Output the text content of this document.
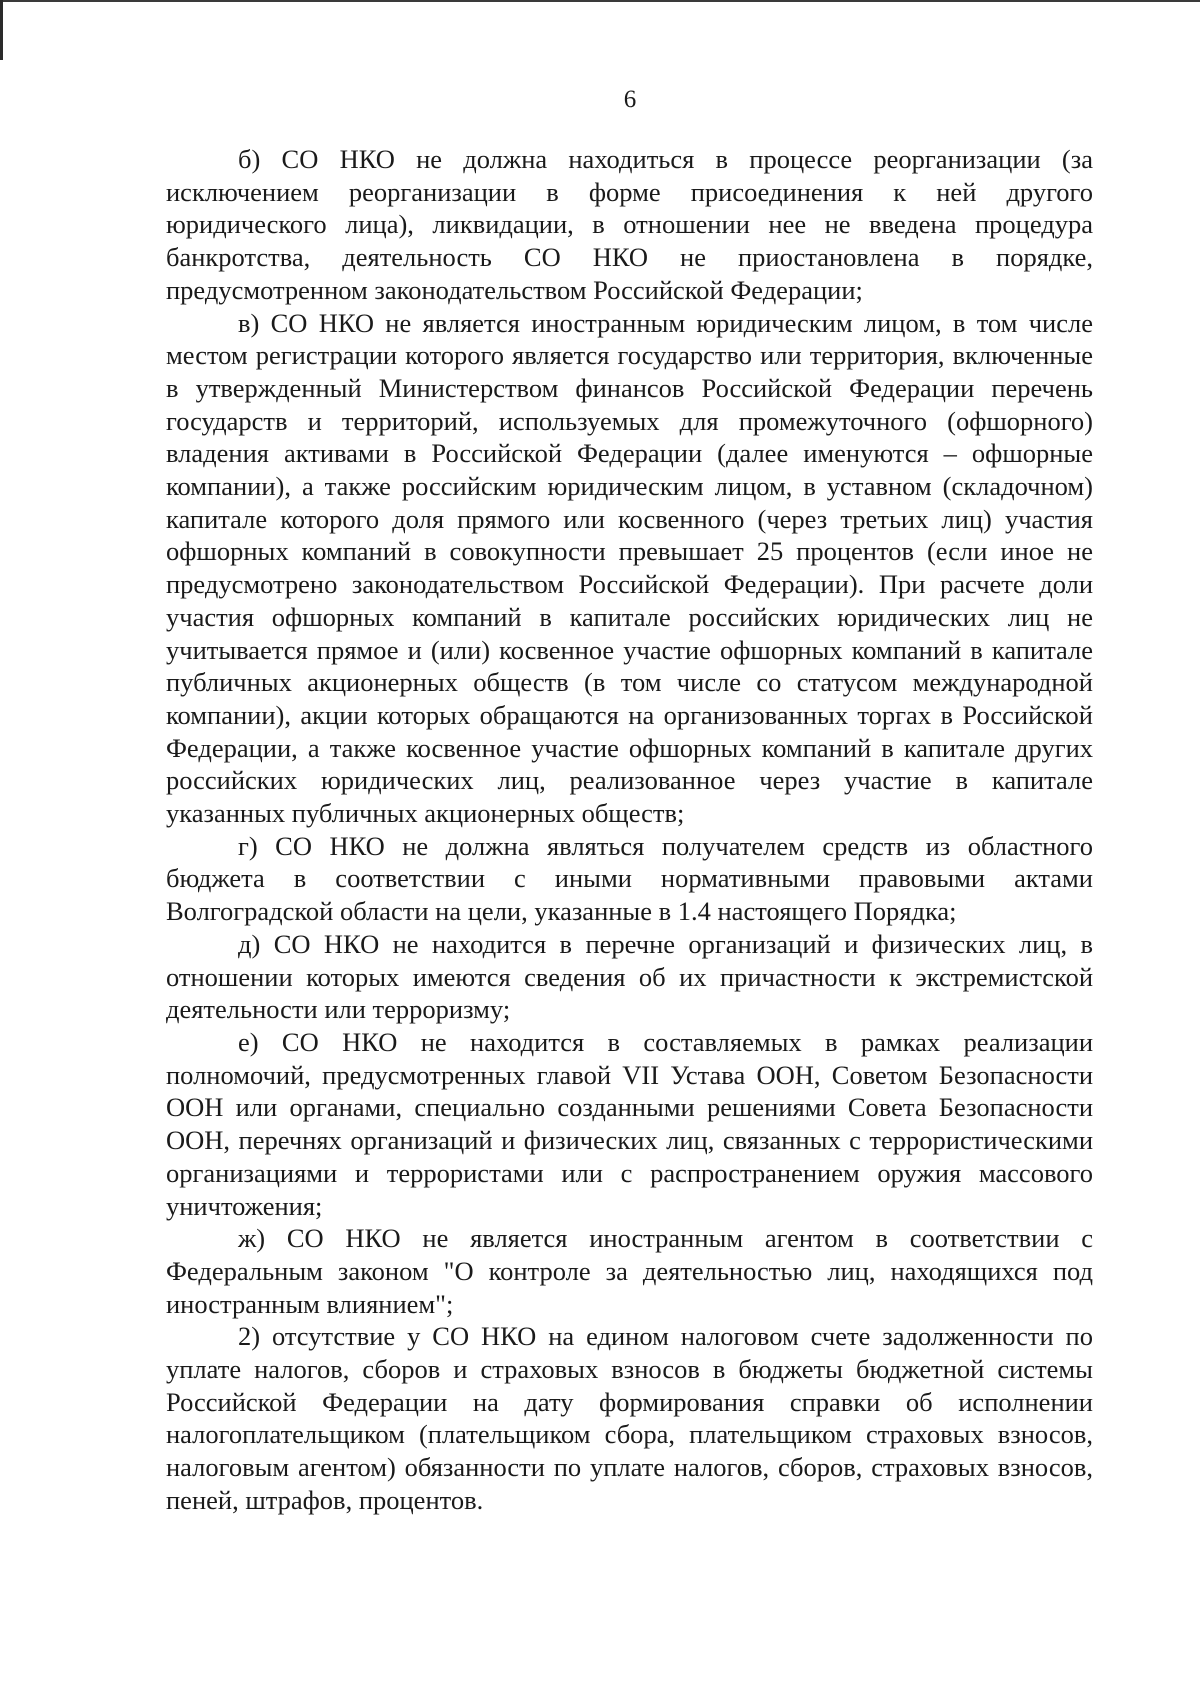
6

б) СО НКО не должна находиться в процессе реорганизации (за исключением реорганизации в форме присоединения к ней другого юридического лица), ликвидации, в отношении нее не введена процедура банкротства, деятельность СО НКО не приостановлена в порядке, предусмотренном законодательством Российской Федерации;

в) СО НКО не является иностранным юридическим лицом, в том числе местом регистрации которого является государство или территория, включенные в утвержденный Министерством финансов Российской Федерации перечень государств и территорий, используемых для промежуточного (офшорного) владения активами в Российской Федерации (далее именуются – офшорные компании), а также российским юридическим лицом, в уставном (складочном) капитале которого доля прямого или косвенного (через третьих лиц) участия офшорных компаний в совокупности превышает 25 процентов (если иное не предусмотрено законодательством Российской Федерации). При расчете доли участия офшорных компаний в капитале российских юридических лиц не учитывается прямое и (или) косвенное участие офшорных компаний в капитале публичных акционерных обществ (в том числе со статусом международной компании), акции которых обращаются на организованных торгах в Российской Федерации, а также косвенное участие офшорных компаний в капитале других российских юридических лиц, реализованное через участие в капитале указанных публичных акционерных обществ;

г) СО НКО не должна являться получателем средств из областного бюджета в соответствии с иными нормативными правовыми актами Волгоградской области на цели, указанные в 1.4 настоящего Порядка;

д) СО НКО не находится в перечне организаций и физических лиц, в отношении которых имеются сведения об их причастности к экстремистской деятельности или терроризму;

е) СО НКО не находится в составляемых в рамках реализации полномочий, предусмотренных главой VII Устава ООН, Советом Безопасности ООН или органами, специально созданными решениями Совета Безопасности ООН, перечнях организаций и физических лиц, связанных с террористическими организациями и террористами или с распространением оружия массового уничтожения;

ж) СО НКО не является иностранным агентом в соответствии с Федеральным законом "О контроле за деятельностью лиц, находящихся под иностранным влиянием";

2) отсутствие у СО НКО на едином налоговом счете задолженности по уплате налогов, сборов и страховых взносов в бюджеты бюджетной системы Российской Федерации на дату формирования справки об исполнении налогоплательщиком (плательщиком сбора, плательщиком страховых взносов, налоговым агентом) обязанности по уплате налогов, сборов, страховых взносов, пеней, штрафов, процентов.
